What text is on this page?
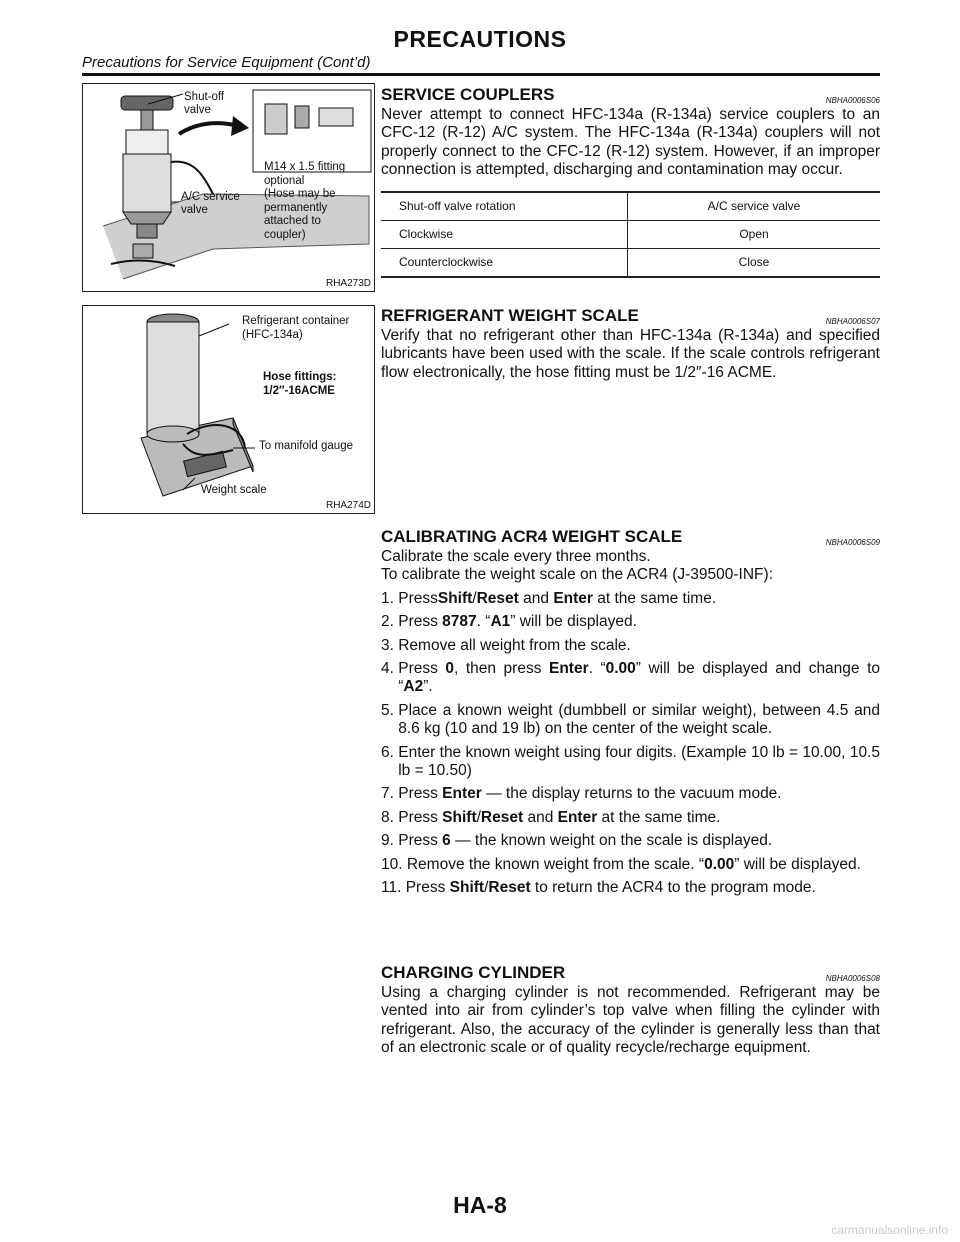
PRECAUTIONS
Precautions for Service Equipment (Cont’d)
Shut-off
valve
A/C service
valve
M14 x 1.5 fitting
optional
(Hose may be
permanently
attached to
coupler)
RHA273D
Refrigerant container
(HFC-134a)
Hose fittings:
1/2″-16ACME
To manifold gauge
Weight scale
RHA274D
SERVICE COUPLERS	NBHA0006S06

Never attempt to connect HFC-134a (R-134a) service couplers to an CFC-12 (R-12) A/C system. The HFC-134a (R-134a) couplers will not properly connect to the CFC-12 (R-12) system. However, if an improper connection is attempted, discharging and contamination may occur.

Shut-off valve rotation	A/C service valve
Clockwise	Open
Counterclockwise	Close
REFRIGERANT WEIGHT SCALE	NBHA0006S07

Verify that no refrigerant other than HFC-134a (R-134a) and specified lubricants have been used with the scale. If the scale controls refrigerant flow electronically, the hose fitting must be 1/2″-16 ACME.

CALIBRATING ACR4 WEIGHT SCALE	NBHA0006S09

Calibrate the scale every three months.

To calibrate the weight scale on the ACR4 (J-39500-INF):

1. PressShift/Reset and Enter at the same time.
2. Press 8787. “A1” will be displayed.
3. Remove all weight from the scale.
4. Press 0, then press Enter. “0.00” will be displayed and change to “A2”.
5. Place a known weight (dumbbell or similar weight), between 4.5 and 8.6 kg (10 and 19 lb) on the center of the weight scale.
6. Enter the known weight using four digits. (Example 10 lb = 10.00, 10.5 lb = 10.50)
7. Press Enter — the display returns to the vacuum mode.
8. Press Shift/Reset and Enter at the same time.
9. Press 6 — the known weight on the scale is displayed.
10. Remove the known weight from the scale. “0.00” will be displayed.
11. Press Shift/Reset to return the ACR4 to the program mode.
CHARGING CYLINDER	NBHA0006S08

Using a charging cylinder is not recommended. Refrigerant may be vented into air from cylinder’s top valve when filling the cylinder with refrigerant. Also, the accuracy of the cylinder is generally less than that of an electronic scale or of quality recycle/recharge equipment.

HA-8
carmanualsonline.info
